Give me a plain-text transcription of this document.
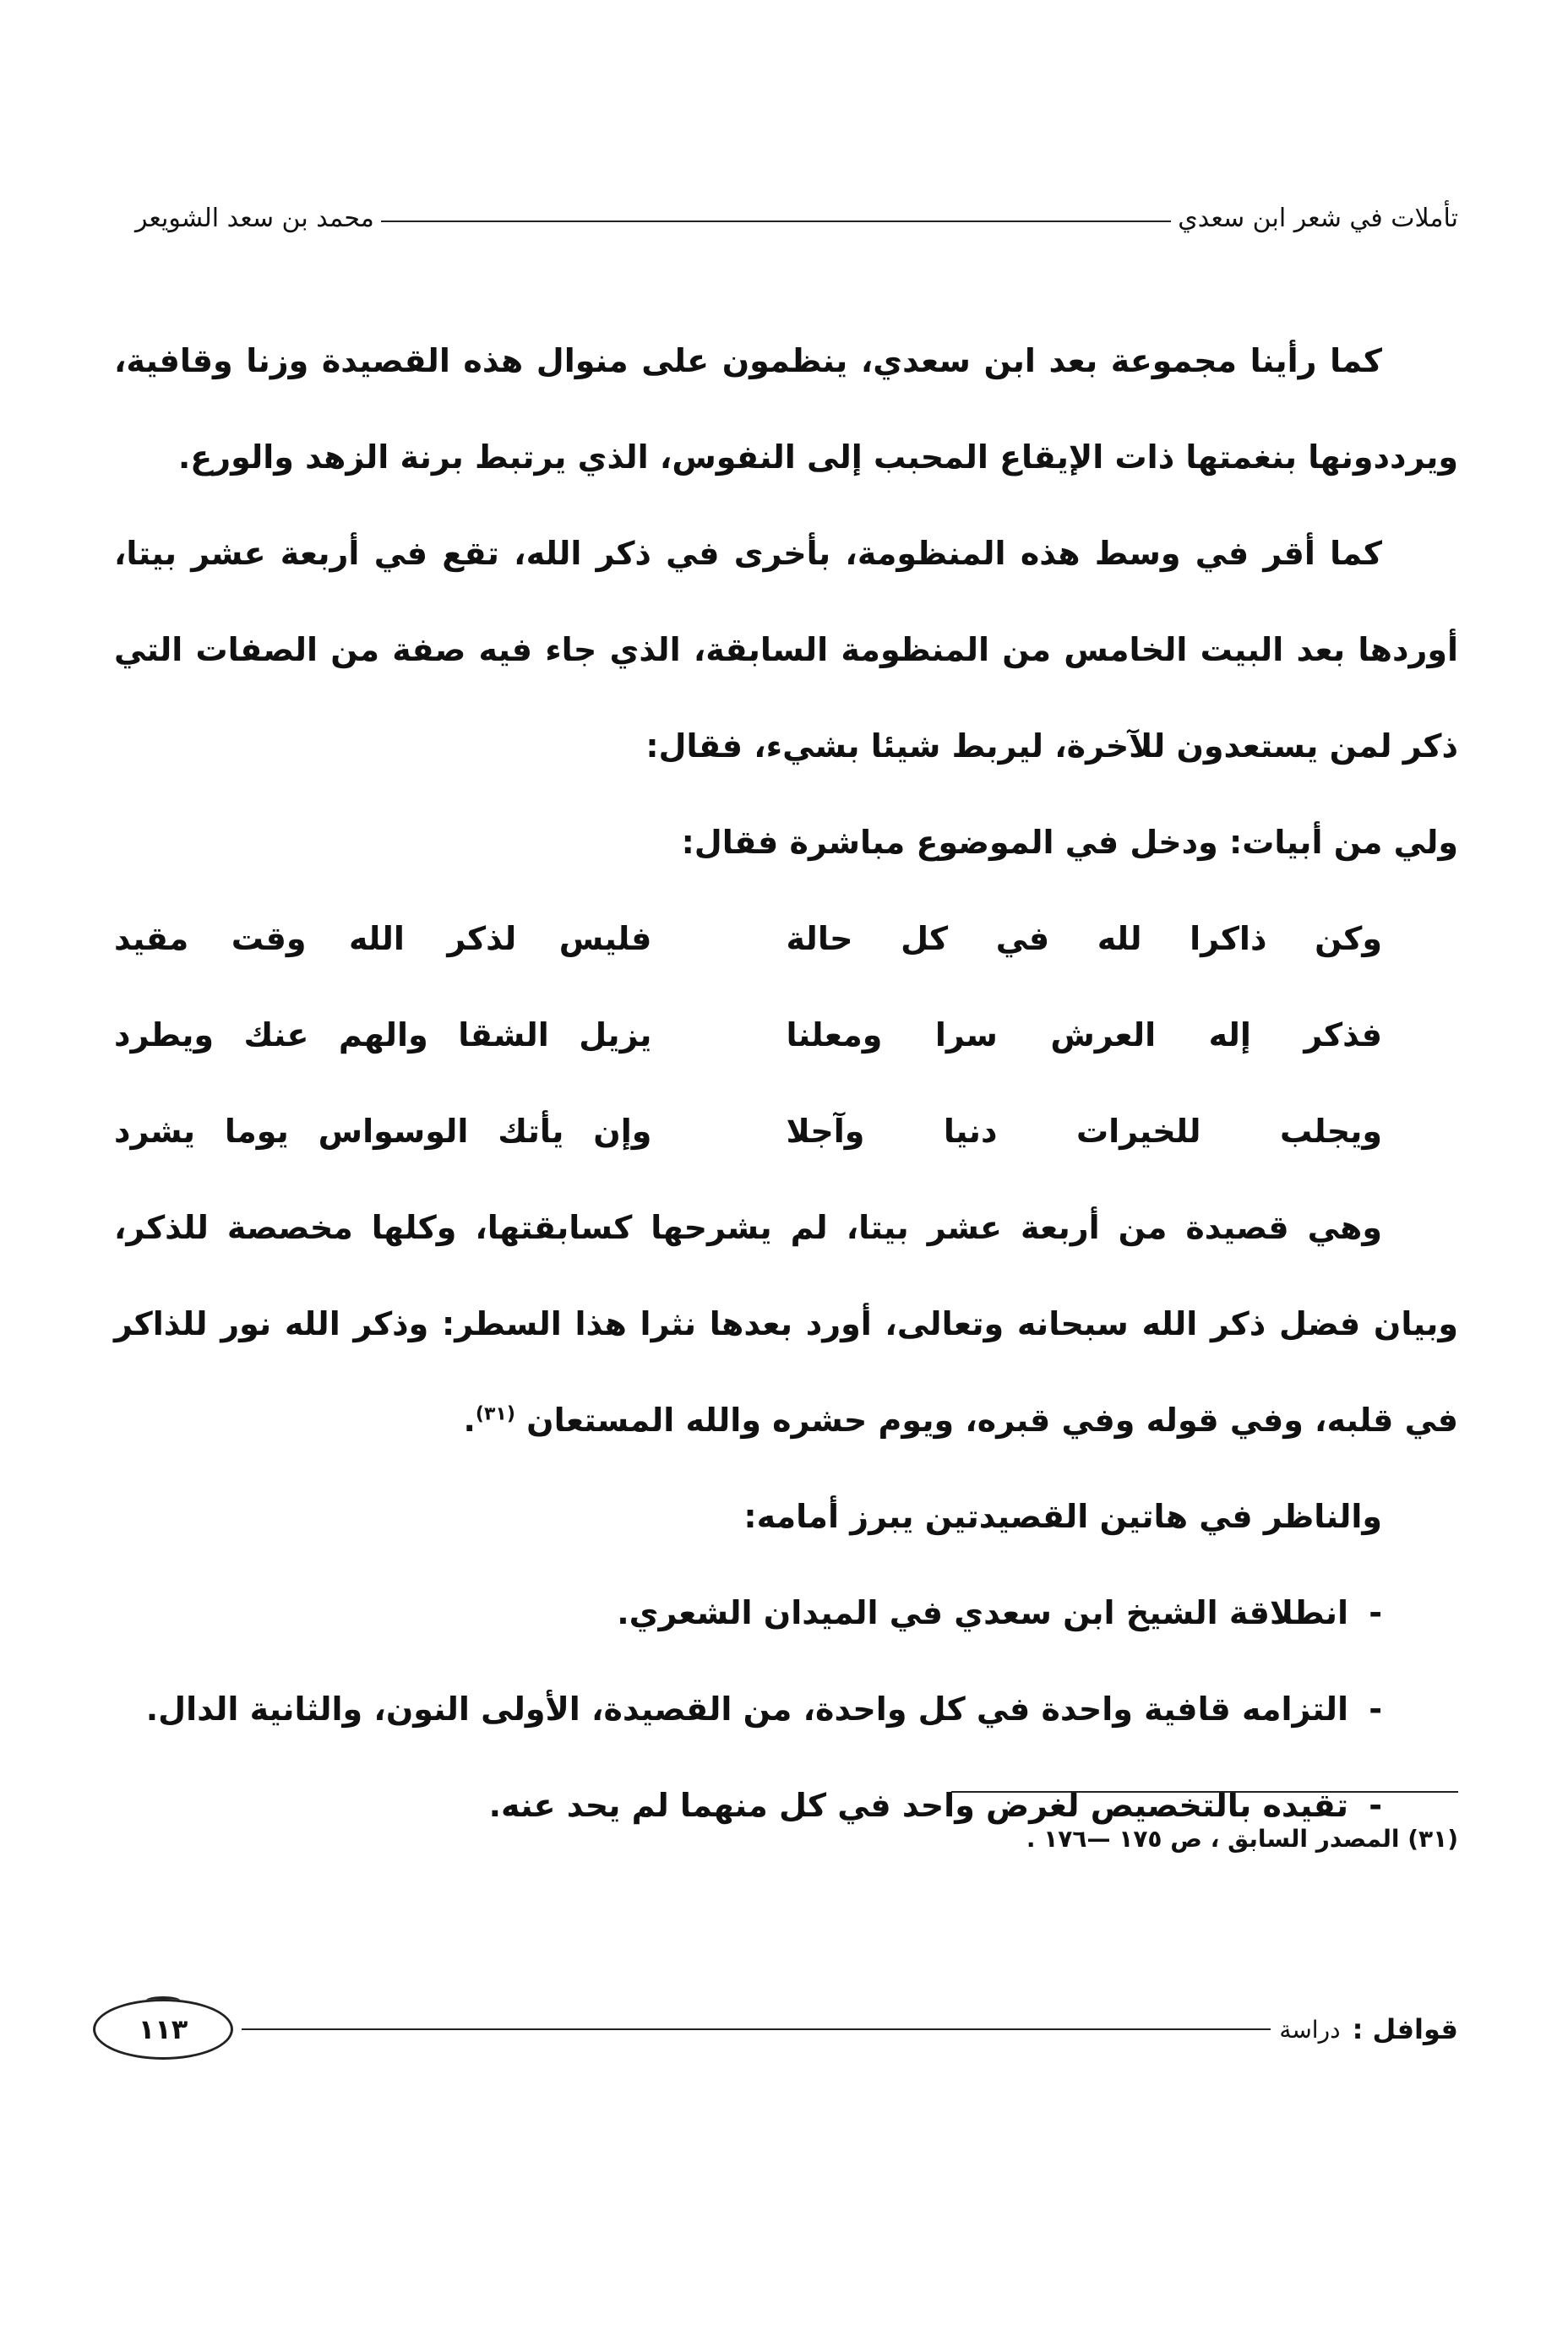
تأملات في شعر ابن سعدي
محمد بن سعد الشويعر

كما رأينا مجموعة بعد ابن سعدي، ينظمون على منوال هذه القصيدة وزنا وقافية، ويرددونها بنغمتها ذات الإيقاع المحبب إلى النفوس، الذي يرتبط برنة الزهد والورع.

كما أقر في وسط هذه المنظومة، بأخرى في ذكر الله، تقع في أربعة عشر بيتا، أوردها بعد البيت الخامس من المنظومة السابقة، الذي جاء فيه صفة من الصفات التي ذكر لمن يستعدون للآخرة، ليربط شيئا بشيء، فقال:

ولي من أبيات: ودخل في الموضوع مباشرة فقال:

وكن ذاكرا لله في كل حالة
فليس لذكر الله وقت مقيد
فذكر إله العرش سرا ومعلنا
يزيل الشقا والهم عنك ويطرد
ويجلب للخيرات دنيا وآجلا
وإن يأتك الوسواس يوما يشرد

وهي قصيدة من أربعة عشر بيتا، لم يشرحها كسابقتها، وكلها مخصصة للذكر، وبيان فضل ذكر الله سبحانه وتعالى، أورد بعدها نثرا هذا السطر: وذكر الله نور للذاكر في قلبه، وفي قوله وفي قبره، ويوم حشره والله المستعان $^{(٣١)}$.

والناظر في هاتين القصيدتين يبرز أمامه:

-
انطلاقة الشيخ ابن سعدي في الميدان الشعري.
-
التزامه قافية واحدة في كل واحدة، من القصيدة، الأولى النون، والثانية الدال.
-
تقيده بالتخصيص لغرض واحد في كل منهما لم يحد عنه.
(٣١) المصدر السابق ، ص ١٧٥ —١٧٦ .
قوافل :
دراسة
١١٣
